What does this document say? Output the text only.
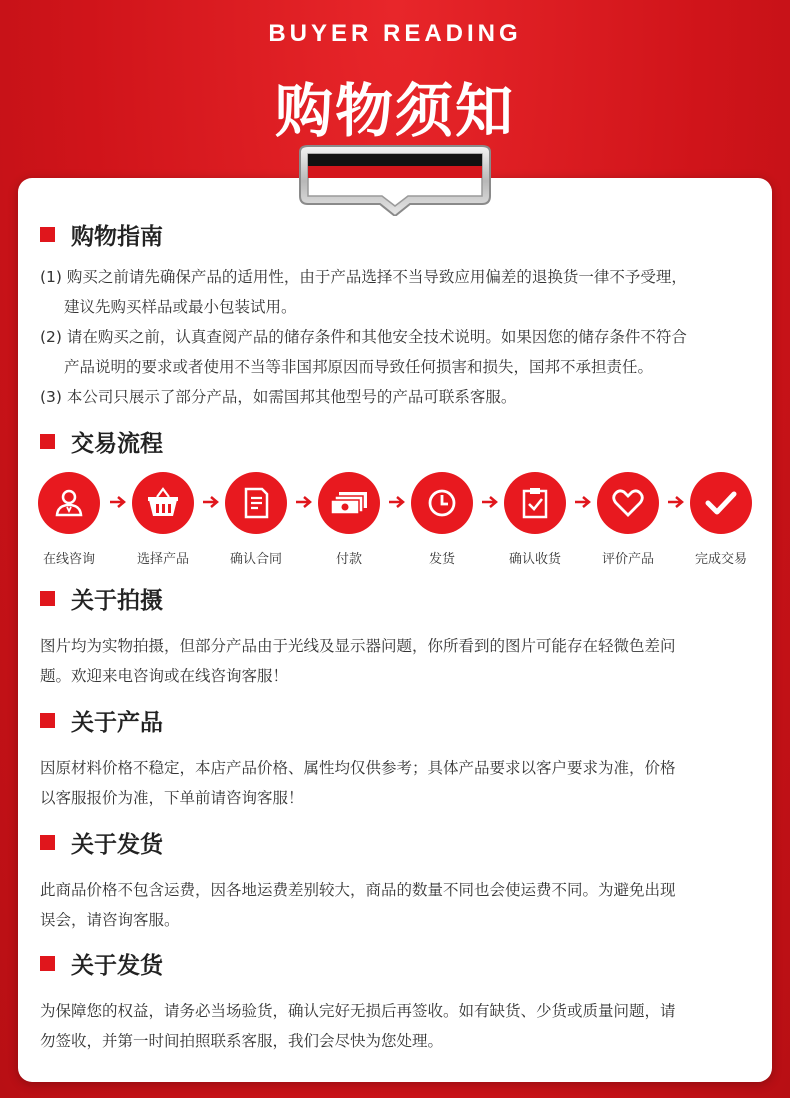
BUYER READING
购物须知
购物指南
(1) 购买之前请先确保产品的适用性，由于产品选择不当导致应用偏差的退换货一律不予受理，
建议先购买样品或最小包装试用。
(2) 请在购买之前，认真查阅产品的储存条件和其他安全技术说明。如果因您的储存条件不符合
产品说明的要求或者使用不当等非国邦原因而导致任何损害和损失，国邦不承担责任。
(3) 本公司只展示了部分产品，如需国邦其他型号的产品可联系客服。
交易流程
在线咨询	选择产品	确认合同	付款	发货	确认收货	评价产品	完成交易
关于拍摄
图片均为实物拍摄，但部分产品由于光线及显示器问题，你所看到的图片可能存在轻微色差问
题。欢迎来电咨询或在线咨询客服！
关于产品
因原材料价格不稳定，本店产品价格、属性均仅供参考；具体产品要求以客户要求为准，价格
以客服报价为准，下单前请咨询客服！
关于发货
此商品价格不包含运费，因各地运费差别较大，商品的数量不同也会使运费不同。为避免出现
误会，请咨询客服。
关于发货
为保障您的权益，请务必当场验货，确认完好无损后再签收。如有缺货、少货或质量问题，请
勿签收，并第一时间拍照联系客服，我们会尽快为您处理。
